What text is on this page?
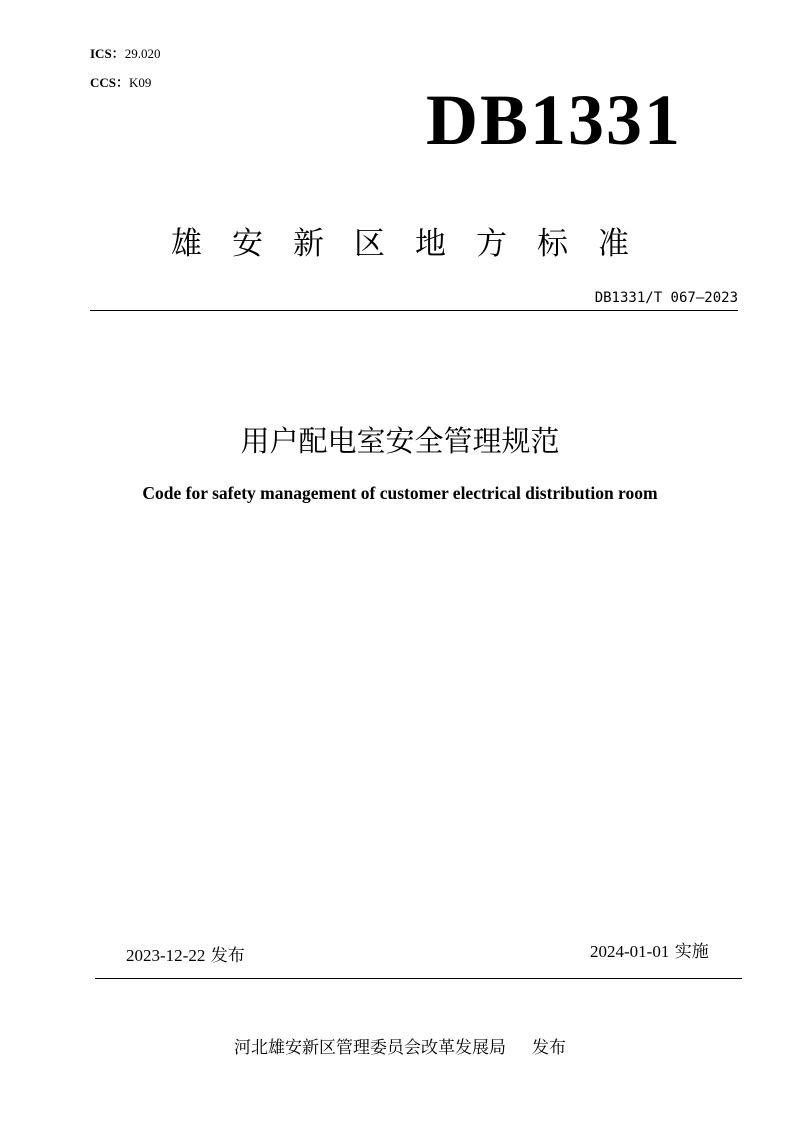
ICS：29.020
CCS：K09	DB1331
雄安新区地方标准
DB1331/T 067—2023
用户配电室安全管理规范
Code for safety management of customer electrical distribution room
2023-12-22 发布	2024-01-01 实施
河北雄安新区管理委员会改革发展局 发布
